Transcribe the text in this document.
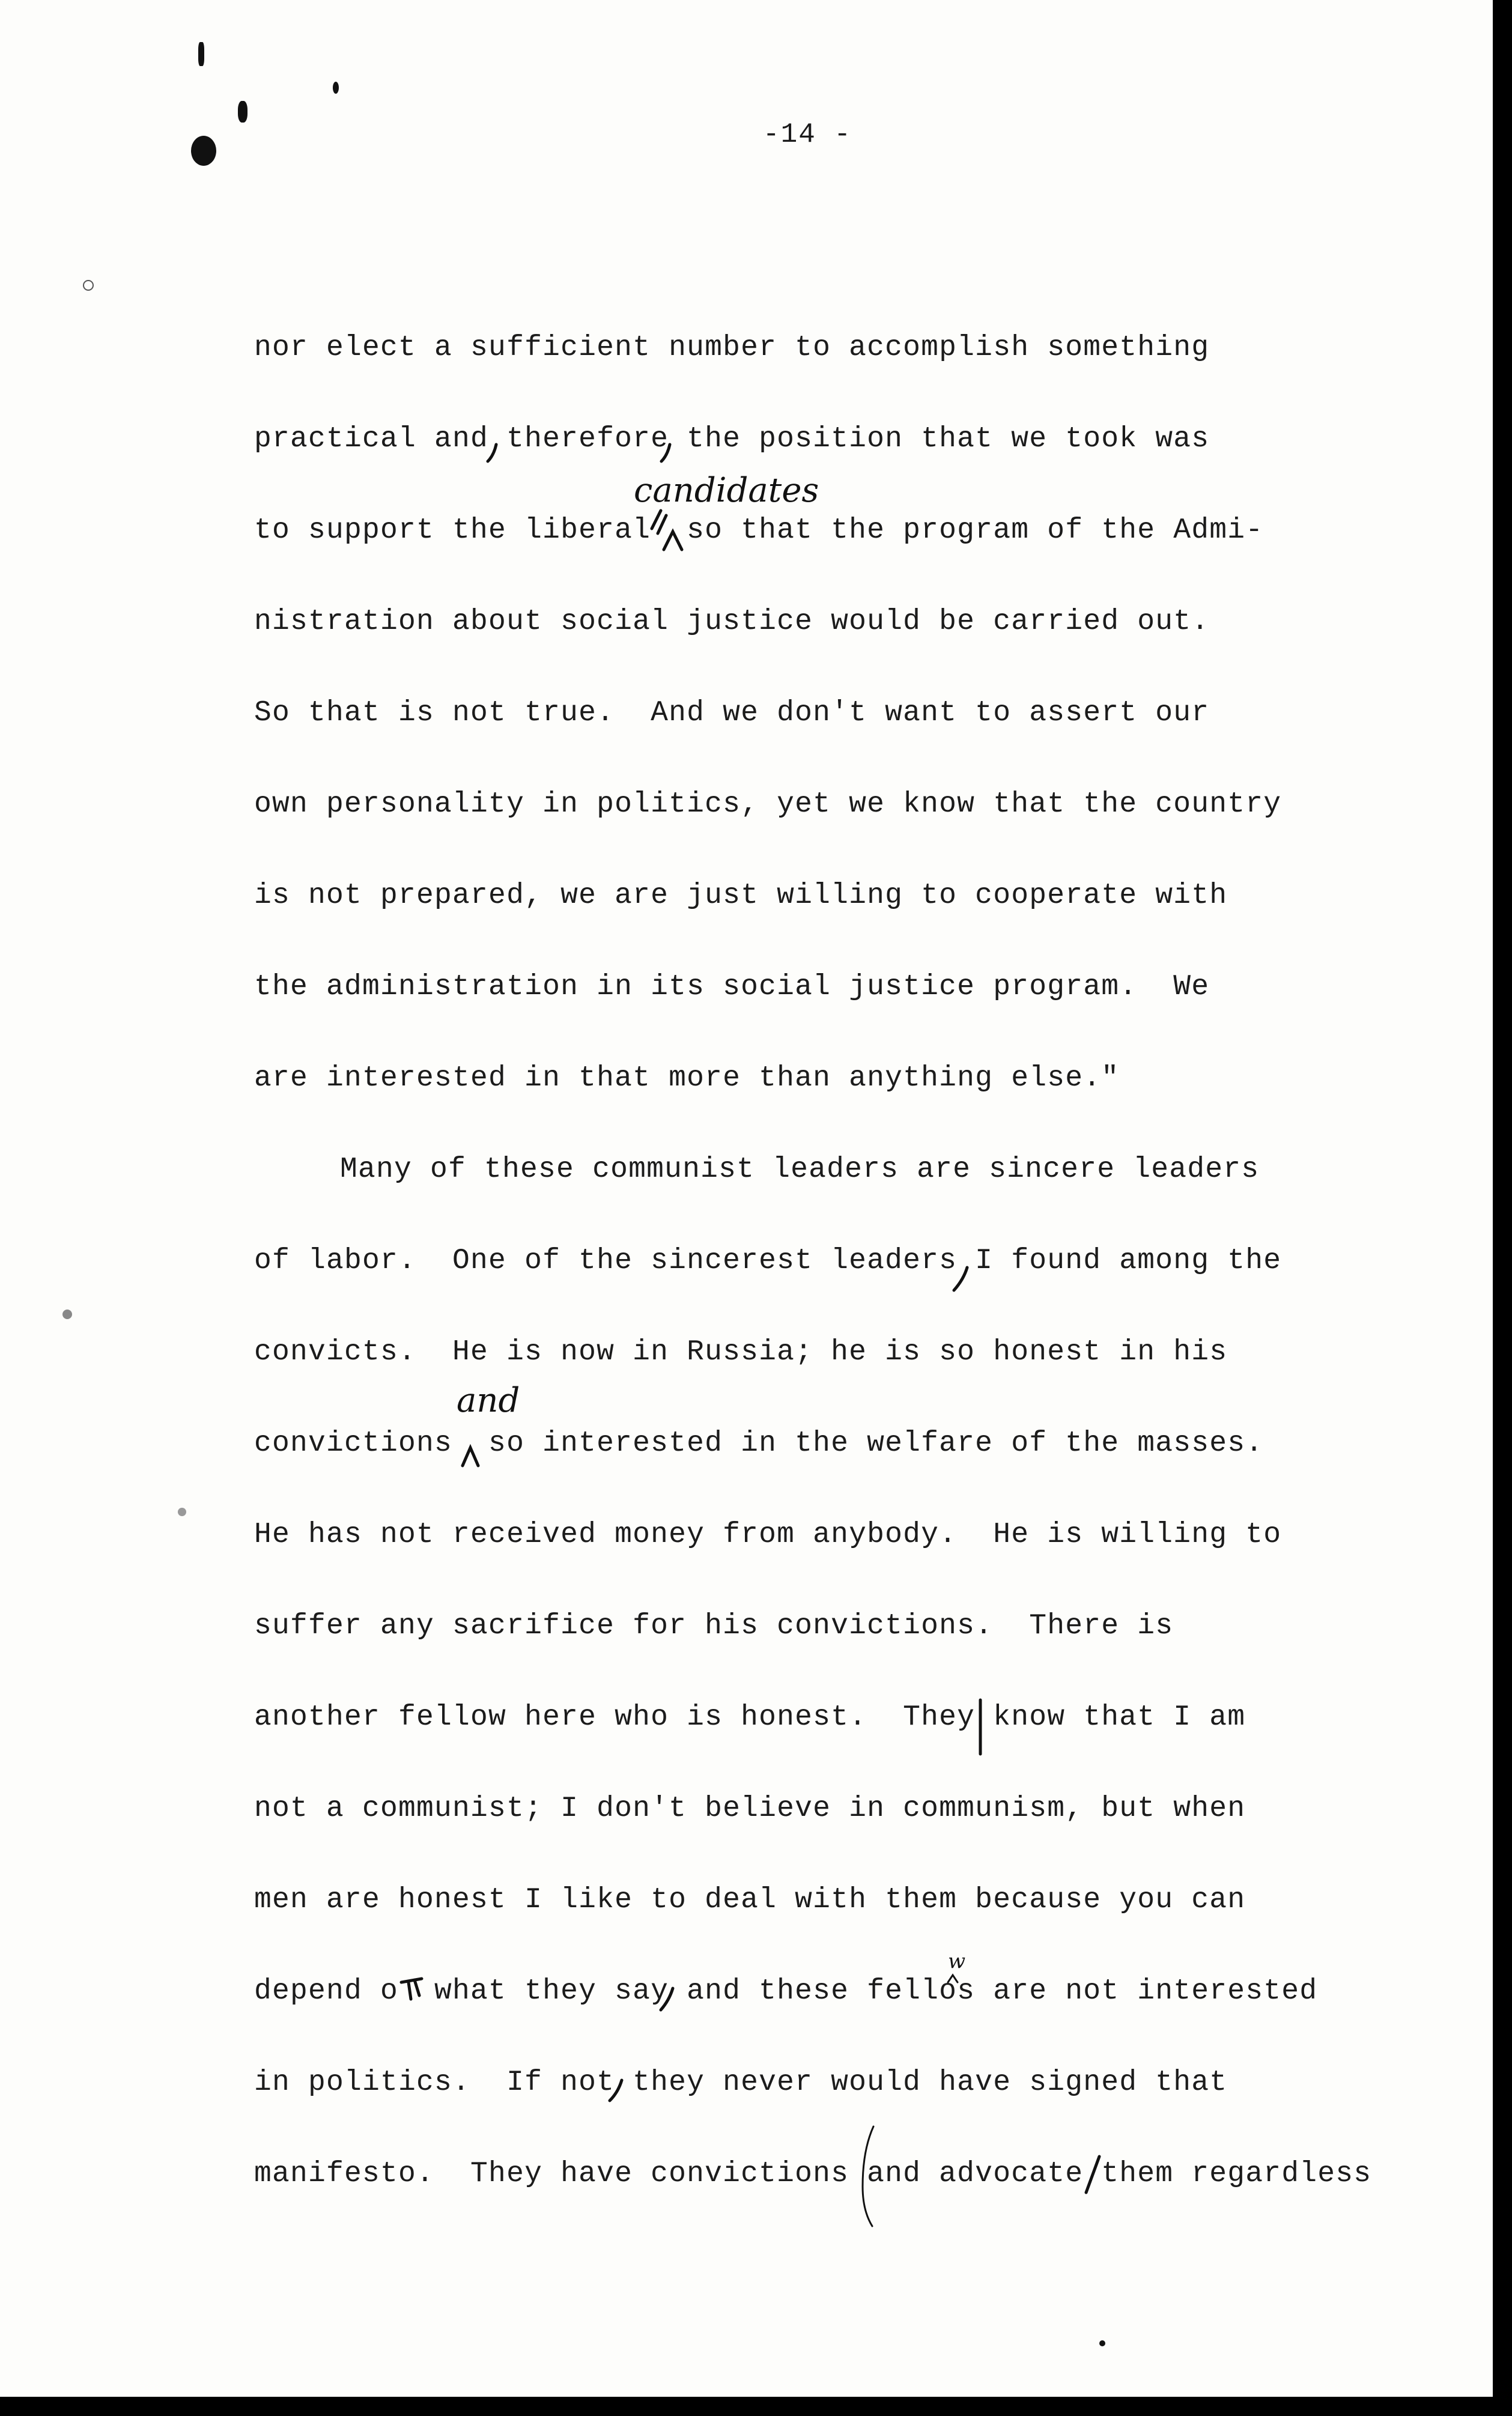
-14 -
nor elect a sufficient number to accomplish something
practical and therefore the position that we took was
to support the liberal  so that the program of the Admi-
nistration about social justice would be carried out.
So that is not true.  And we don't want to assert our
own personality in politics, yet we know that the country
is not prepared, we are just willing to cooperate with
the administration in its social justice program.  We
are interested in that more than anything else."
Many of these communist leaders are sincere leaders
of labor.  One of the sincerest leaders I found among the
convicts.  He is now in Russia; he is so honest in his
convictions  so interested in the welfare of the masses.
He has not received money from anybody.  He is willing to
suffer any sacrifice for his convictions.  There is
another fellow here who is honest.  They know that I am
not a communist; I don't believe in communism, but when
men are honest I like to deal with them because you can
depend o  what they say and these fellos are not interested
in politics.  If not they never would have signed that
manifesto.  They have convictions and advocate them regardless
candidates
and
w
